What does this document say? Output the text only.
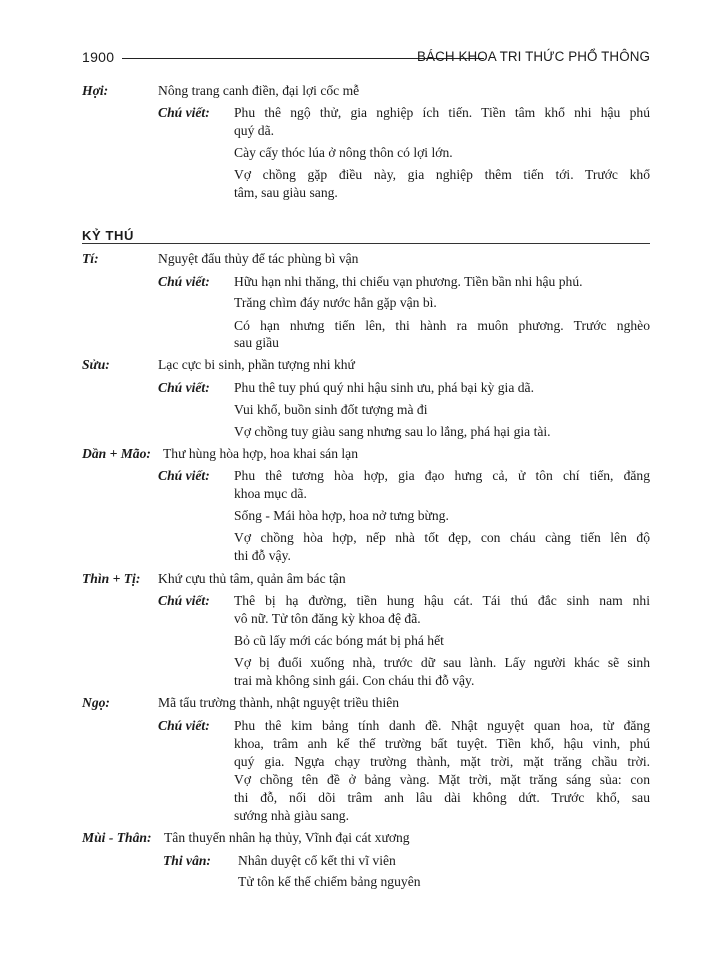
1900	BÁCH KHOA TRI THỨC PHỔ THÔNG
Hợi:	Nông trang canh điền, đại lợi cốc mễ
Chú viết: Phu thê ngộ thử, gia nghiệp ích tiến. Tiền tâm khổ nhi hậu phú
quý dã.
Cày cấy thóc lúa ở nông thôn có lợi lớn.
Vợ chồng gặp điều này, gia nghiệp thêm tiến tới. Trước khổ
tâm, sau giàu sang.
KỶ THÚ
Tí:	Nguyệt đẩu thủy để tác phùng bì vận
Chú viết: Hữu hạn nhi thăng, thi chiếu vạn phương. Tiền bần nhi hậu phú.
Trăng chìm đáy nước hẳn gặp vận bì.
Có hạn nhưng tiến lên, thi hành ra muôn phương. Trước nghèo
sau giầu
Sửu:	Lạc cực bi sinh, phần tượng nhi khứ
Chú viết: Phu thê tuy phú quý nhi hậu sinh ưu, phá bại kỳ gia dã.
Vui khổ, buồn sinh đốt tượng mà đi
Vợ chồng tuy giàu sang nhưng sau lo lắng, phá hại gia tài.
Dần + Mão: Thư hùng hòa hợp, hoa khai sán lạn
Chú viết: Phu thê tương hòa hợp, gia đạo hưng cả, ử tôn chí tiến, đăng
khoa mục dã.
Sống - Mái hòa hợp, hoa nở tưng bừng.
Vợ chồng hòa hợp, nếp nhà tốt đẹp, con cháu càng tiến lên độ
thi đỗ vậy.
Thìn + Tị: Khứ cựu thủ tâm, quản âm bác tận
Chú viết: Thê bị hạ đường, tiền hung hậu cát. Tái thú đắc sinh nam nhi
vô nữ. Tử tôn đăng kỳ khoa đệ đã.
Bỏ cũ lấy mới các bóng mát bị phá hết
Vợ bị đuổi xuống nhà, trước dữ sau lành. Lấy người khác sẽ sinh
trai mà không sinh gái. Con cháu thi đỗ vậy.
Ngọ:	Mã tẩu trường thành, nhật nguyệt triều thiên
Chú viết: Phu thê kim bảng tính danh đề. Nhật nguyệt quan hoa, từ đăng
khoa, trâm anh kế thế trường bất tuyệt. Tiền khổ, hậu vinh, phú
quý gia. Ngựa chạy trường thành, mặt trời, mặt trăng chầu trời.
Vợ chồng tên đề ở bảng vàng. Mặt trời, mặt trăng sáng sủa: con
thi đỗ, nối dõi trâm anh lâu dài không dứt. Trước khổ, sau
sướng nhà giàu sang.
Mùi - Thân: Tân thuyến nhân hạ thủy, Vĩnh đại cát xương
Thi vân: Nhân duyệt cố kết thi vĩ viên
Tử tôn kế thế chiếm bảng nguyên
